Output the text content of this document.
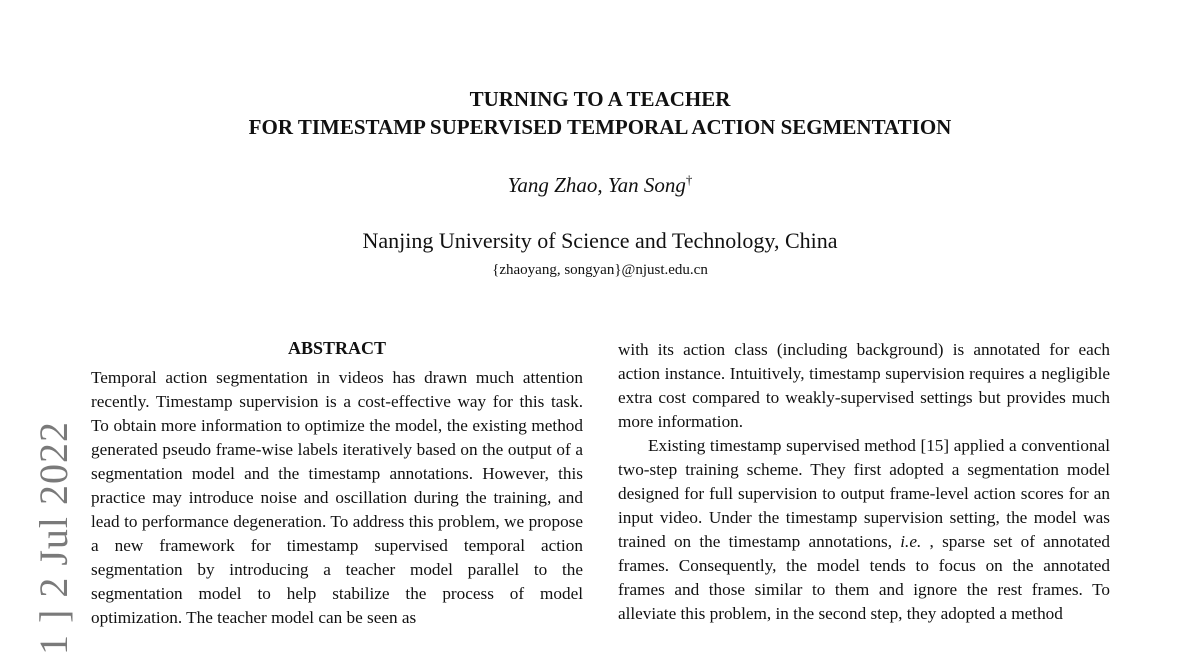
1 ] 2 Jul 2022
TURNING TO A TEACHER
FOR TIMESTAMP SUPERVISED TEMPORAL ACTION SEGMENTATION
Yang Zhao, Yan Song†
Nanjing University of Science and Technology, China
{zhaoyang, songyan}@njust.edu.cn
ABSTRACT

Temporal action segmentation in videos has drawn much attention recently. Timestamp supervision is a cost-effective way for this task. To obtain more information to optimize the model, the existing method generated pseudo frame-wise labels iteratively based on the output of a segmentation model and the timestamp annotations. However, this practice may introduce noise and oscillation during the training, and lead to performance degeneration. To address this problem, we propose a new framework for timestamp supervised temporal action segmentation by introducing a teacher model parallel to the segmentation model to help stabilize the process of model optimization. The teacher model can be seen as

with its action class (including background) is annotated for each action instance. Intuitively, timestamp supervision requires a negligible extra cost compared to weakly-supervised settings but provides much more information.

Existing timestamp supervised method [15] applied a conventional two-step training scheme. They first adopted a segmentation model designed for full supervision to output frame-level action scores for an input video. Under the timestamp supervision setting, the model was trained on the timestamp annotations, i.e. , sparse set of annotated frames. Consequently, the model tends to focus on the annotated frames and those similar to them and ignore the rest frames. To alleviate this problem, in the second step, they adopted a method
